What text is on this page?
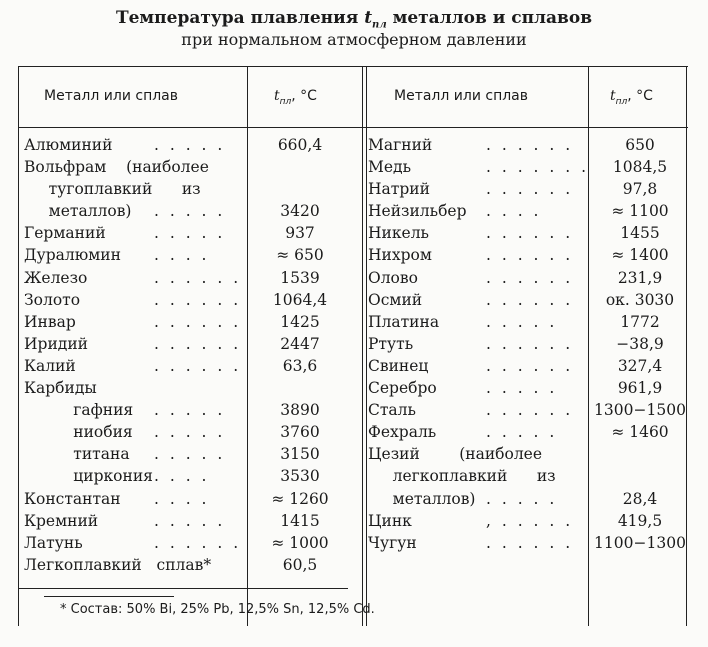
Температура плавления $t_{пл}$ металлов и сплавов
при нормальном атмосферном давлении
Металл или сплав	$t_{пл}$, °С	Металл или сплав	$t_{пл}$, °С
Алюминий	. . . . .	660,4
Вольфрам    (наиболее
тугоплавкий      из
металлов) . . . . .	3420
Германий	. . . . .	937
Дуралюмин . . . .	≈ 650
Железо	. . . . . .	1539
Золото	. . . . . .	1064,4
Инвар	. . . . . .	1425
Иридий	. . . . . .	2447
Калий	. . . . . .	63,6
Карбиды
гафния . . . . .	3890
ниобия . . . . .	3760
титана . . . . .	3150
циркония . . . .	3530
Константан . . . .	≈ 1260
Кремний	. . . . .	1415
Латунь	. . . . . .	≈ 1000
Легкоплавкий   сплав*	60,5
Магний	. . . . . .	650
Медь	. . . . . . .	1084,5
Натрий	. . . . . .	97,8
Нейзильбер . . . .	≈ 1100
Никель	. . . . . .	1455
Нихром	. . . . . .	≈ 1400
Олово	. . . . . .	231,9
Осмий	. . . . . .	ок. 3030
Платина	. . . . .	1772
Ртуть	. . . . . .	−38,9
Свинец	. . . . . .	327,4
Серебро	. . . . .	961,9
Сталь	. . . . . . 1300−1500
Фехраль	. . . . .	≈ 1460
Цезий        (наиболее
легкоплавкий      из
металлов) . . . . .	28,4
Цинк	, . . . . .	419,5
Чугун	. . . . . . 1100−1300
* Состав: 50% Bi, 25% Pb, 12,5% Sn, 12,5% Cd.
